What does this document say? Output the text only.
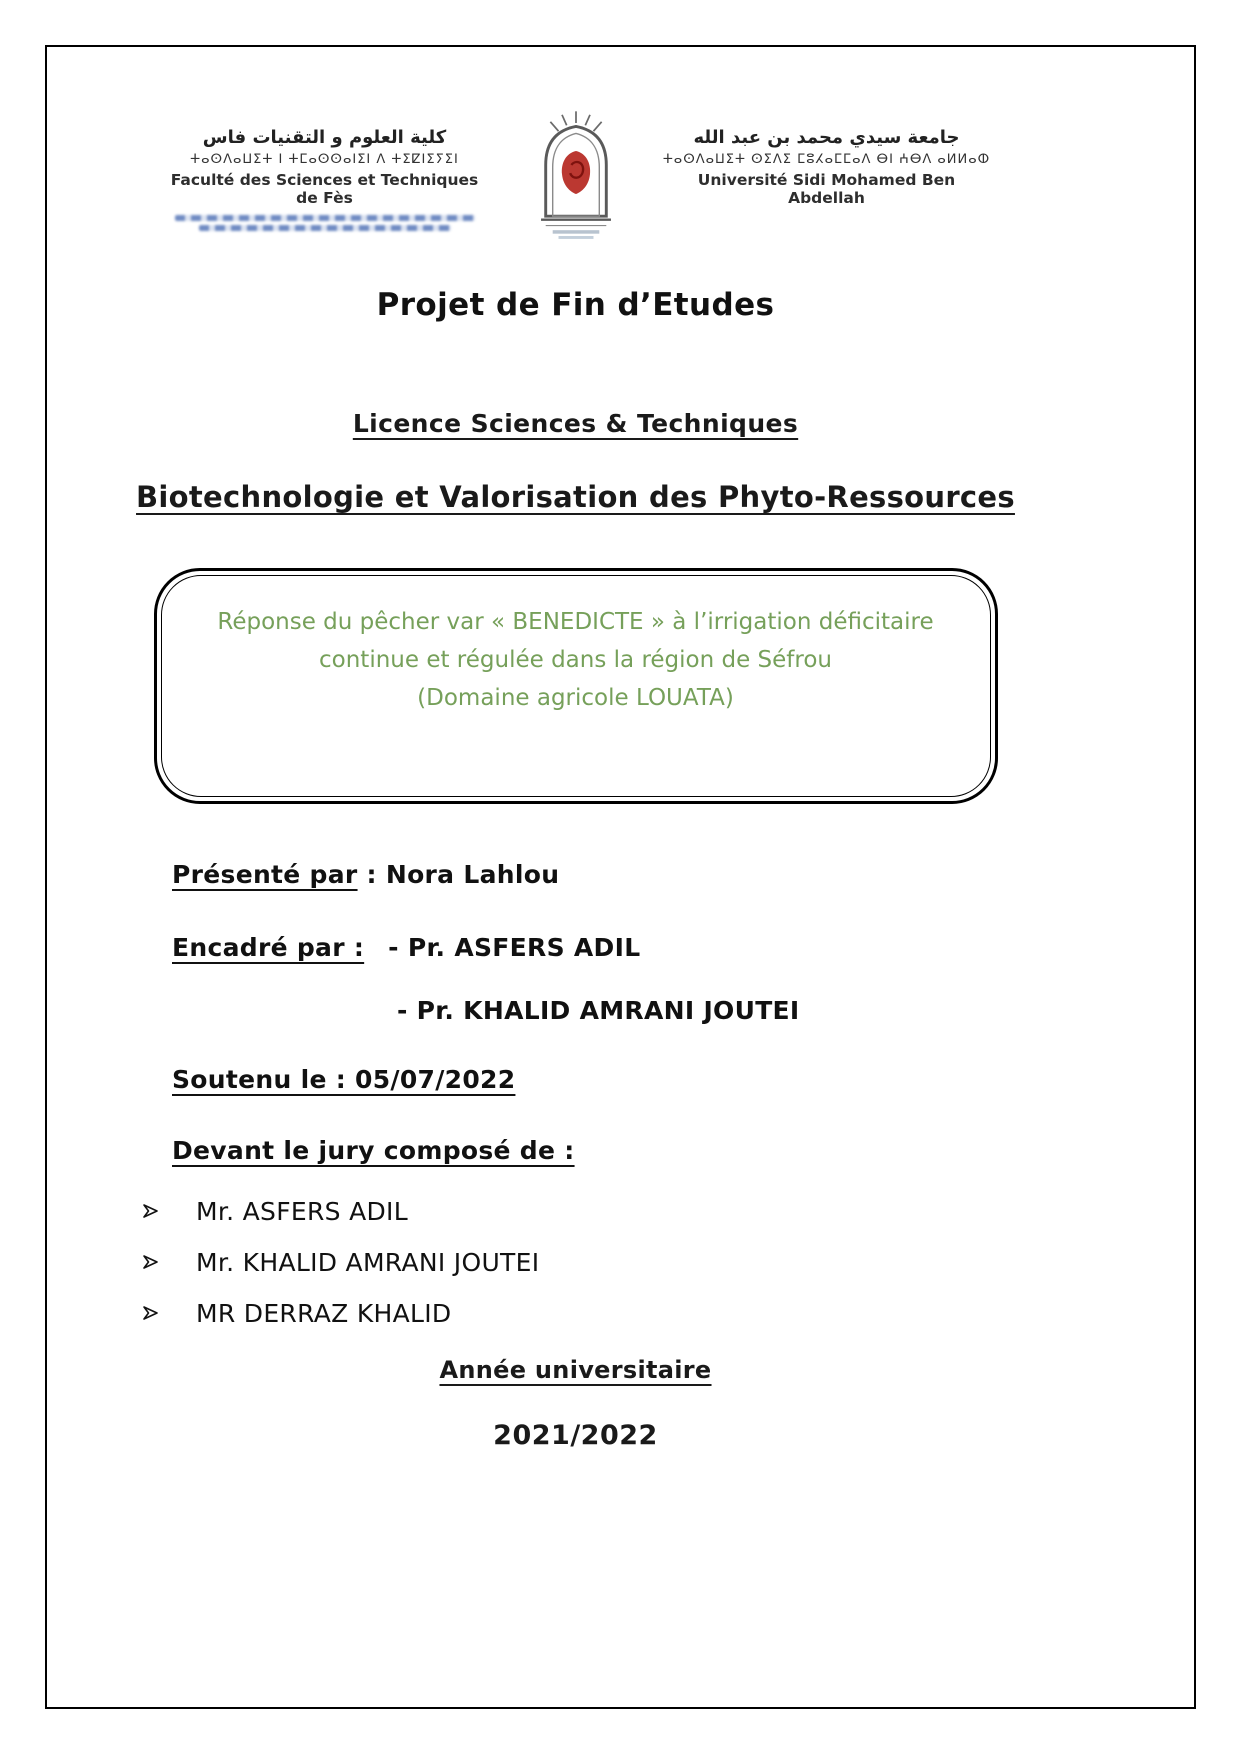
كلية العلوم و التقنيات فاس
ⵜⴰⵙⴷⴰⵡⵉⵜ ⵏ ⵜⵎⴰⵙⵙⴰⵏⵉⵏ ⴷ ⵜⵉⵇⵏⵉⵢⵉⵏ
Faculté des Sciences et Techniques de Fès
جامعة سيدي محمد بن عبد الله
ⵜⴰⵙⴷⴰⵡⵉⵜ ⵙⵉⴷⵉ ⵎⵓⵃⴰⵎⵎⴰⴷ ⴱⵏ ⵄⴱⴷ ⴰⵍⵍⴰⵀ
Université Sidi Mohamed Ben Abdellah
Projet de Fin d’Etudes
Licence Sciences & Techniques
Biotechnologie et Valorisation des Phyto-Ressources

Réponse du pêcher var « BENEDICTE » à l’irrigation déficitaire

continue et régulée dans la région de Séfrou

(Domaine agricole LOUATA)

Présenté par : Nora Lahlou

Encadré par : - Pr. ASFERS ADIL

- Pr. KHALID AMRANI JOUTEI

Soutenu le : 05/07/2022

Devant le jury composé de :

Mr. ASFERS ADIL
Mr. KHALID AMRANI JOUTEI
MR DERRAZ KHALID

Année universitaire

2021/2022
